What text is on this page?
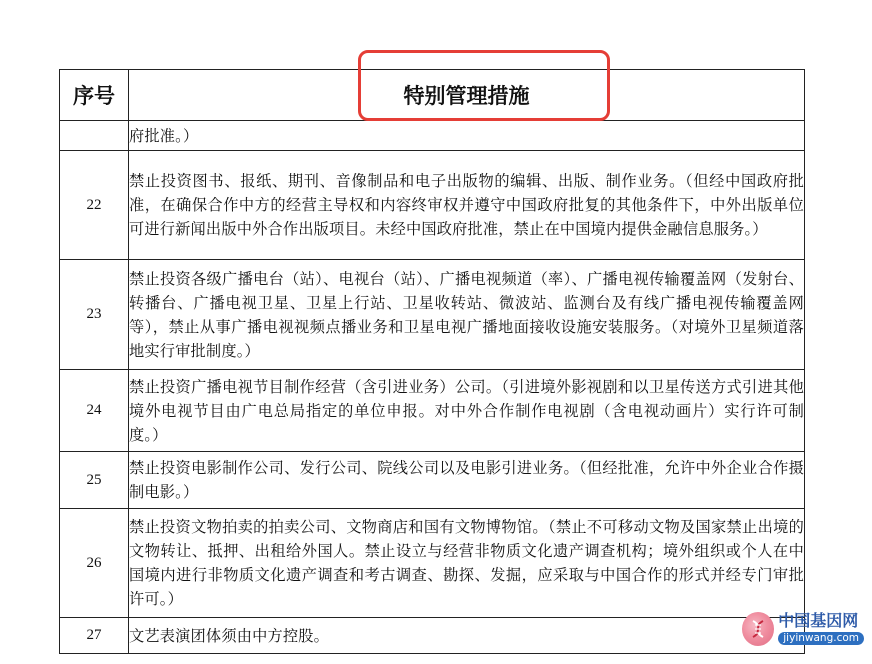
序号	特别管理措施
	府批准。）
22	禁止投资图书、报纸、期刊、音像制品和电子出版物的编辑、出版、制作业务。（但经中国政府批准，在确保合作中方的经营主导权和内容终审权并遵守中国政府批复的其他条件下，中外出版单位可进行新闻出版中外合作出版项目。未经中国政府批准，禁止在中国境内提供金融信息服务。）
23	禁止投资各级广播电台（站）、电视台（站）、广播电视频道（率）、广播电视传输覆盖网（发射台、转播台、广播电视卫星、卫星上行站、卫星收转站、微波站、监测台及有线广播电视传输覆盖网等），禁止从事广播电视视频点播业务和卫星电视广播地面接收设施安装服务。（对境外卫星频道落地实行审批制度。）
24	禁止投资广播电视节目制作经营（含引进业务）公司。（引进境外影视剧和以卫星传送方式引进其他境外电视节目由广电总局指定的单位申报。对中外合作制作电视剧（含电视动画片）实行许可制度。）
25	禁止投资电影制作公司、发行公司、院线公司以及电影引进业务。（但经批准，允许中外企业合作摄制电影。）
26	禁止投资文物拍卖的拍卖公司、文物商店和国有文物博物馆。（禁止不可移动文物及国家禁止出境的文物转让、抵押、出租给外国人。禁止设立与经营非物质文化遗产调查机构；境外组织或个人在中国境内进行非物质文化遗产调查和考古调查、勘探、发掘，应采取与中国合作的形式并经专门审批许可。）
27	文艺表演团体须由中方控股。
中国基因网
jiyinwang.com
